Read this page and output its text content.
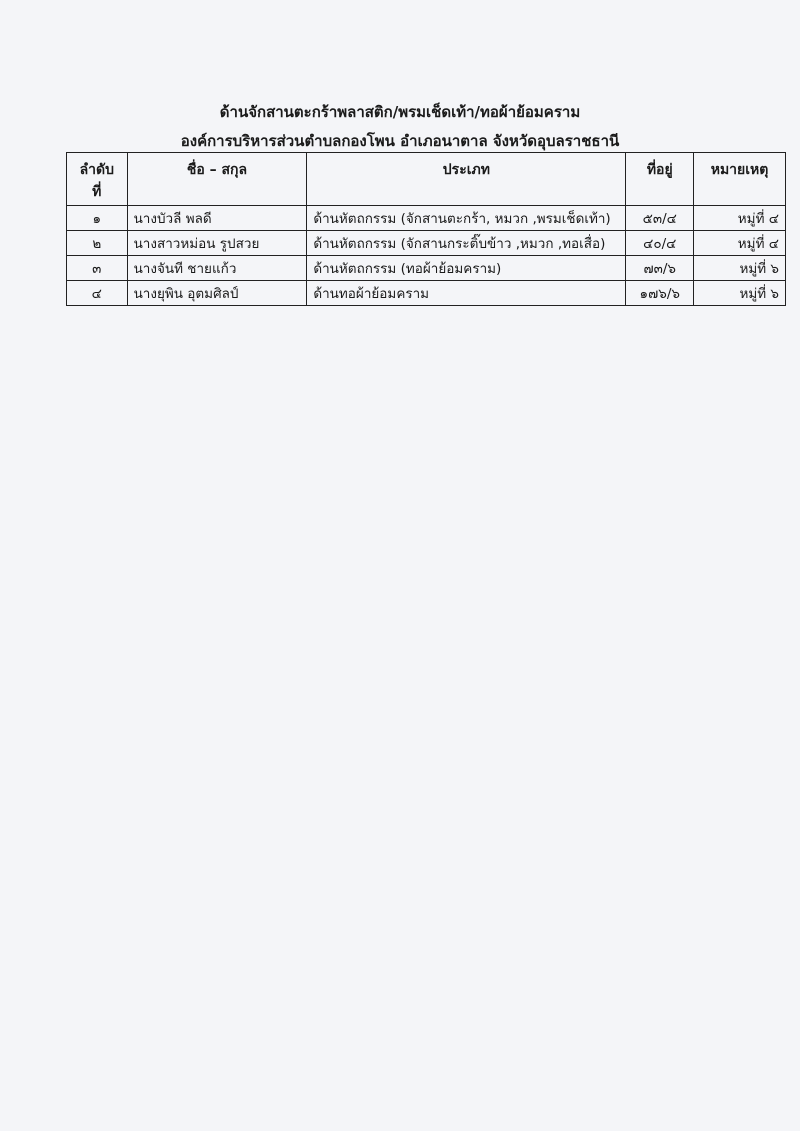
ด้านจักสานตะกร้าพลาสติก/พรมเช็ดเท้า/ทอผ้าย้อมคราม
องค์การบริหารส่วนตำบลกองโพน อำเภอนาตาล จังหวัดอุบลราชธานี
ลำดับ ที่	ชื่อ – สกุล	ประเภท	ที่อยู่	หมายเหตุ
๑	นางบัวลี พลดี	ด้านหัตถกรรม (จักสานตะกร้า, หมวก ,พรมเช็ดเท้า)	๕๓/๔	หมู่ที่ ๔
๒	นางสาวหม่อน รูปสวย	ด้านหัตถกรรม (จักสานกระติ๊บข้าว ,หมวก ,ทอเสื่อ)	๔๐/๔	หมู่ที่ ๔
๓	นางจันที ชายแก้ว	ด้านหัตถกรรม (ทอผ้าย้อมคราม)	๗๓/๖	หมู่ที่ ๖
๔	นางยุพิน อุตมศิลป์	ด้านทอผ้าย้อมคราม	๑๗๖/๖	หมู่ที่ ๖
